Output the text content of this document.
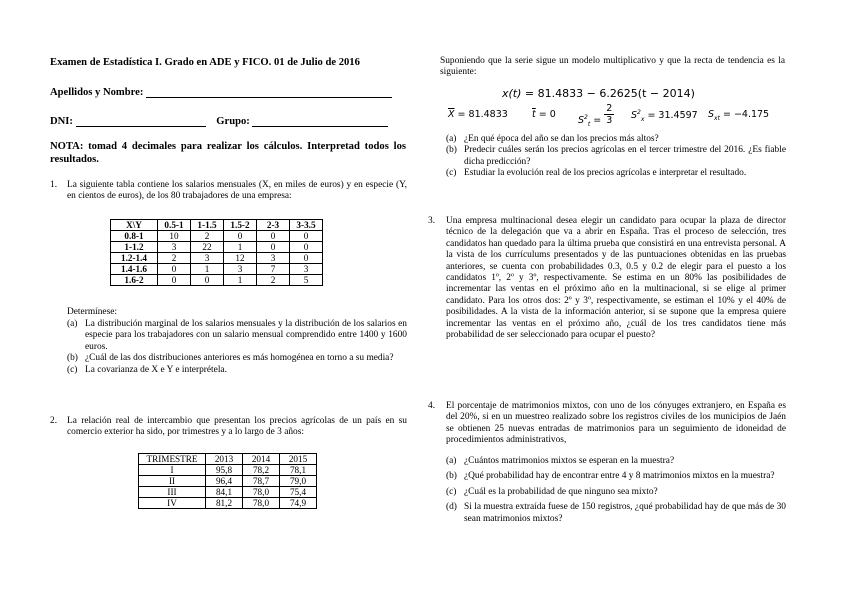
Examen de Estadística I. Grado en ADE y FICO. 01 de Julio de 2016
Apellidos y Nombre:
DNI:	Grupo:
NOTA: tomad 4 decimales para realizar los cálculos. Interpretad todos los resultados.
1. La siguiente tabla contiene los salarios mensuales (X, en miles de euros) y en especie (Y, en cientos de euros), de los 80 trabajadores de una empresa:
X\Y	0.5-1	1-1.5	1.5-2	2-3	3-3.5
0.8-1	10	2	0	0	0
1-1.2	3	22	1	0	0
1.2-1.4	2	3	12	3	0
1.4-1.6	0	1	3	7	3
1.6-2	0	0	1	2	5
Determínese:
(a) La distribución marginal de los salarios mensuales y la distribución de los salarios en especie para los trabajadores con un salario mensual comprendido entre 1400 y 1600 euros.
(b) ¿Cuál de las dos distribuciones anteriores es más homogénea en torno a su media?
(c) La covarianza de X e Y e interprétela.
2. La relación real de intercambio que presentan los precios agrícolas de un país en su comercio exterior ha sido, por trimestres y a lo largo de 3 años:
TRIMESTRE	2013	2014	2015
I	95,8	78,2	78,1
II	96,4	78,7	79,0
III	84,1	78,0	75,4
IV	81,2	78,0	74,9
Suponiendo que la serie sigue un modelo multiplicativo y que la recta de tendencia es la siguiente:
x(t) = 81.4833 − 6.2625(t − 2014)
$\overline{X} = 81.4833$	$\overline{t} = 0$
$S^2_t = \frac{2}{3} S^2_x = 31.4597$ $S_{xt} = -4.175$
(a) ¿En qué época del año se dan los precios más altos?
(b) Predecir cuáles serán los precios agrícolas en el tercer trimestre del 2016. ¿Es fiable dicha predicción?
(c) Estudiar la evolución real de los precios agrícolas e interpretar el resultado.
3. Una empresa multinacional desea elegir un candidato para ocupar la plaza de director técnico de la delegación que va a abrir en España. Tras el proceso de selección, tres candidatos han quedado para la última prueba que consistirá en una entrevista personal. A la vista de los currículums presentados y de las puntuaciones obtenidas en las pruebas anteriores, se cuenta con probabilidades 0.3, 0.5 y 0.2 de elegir para el puesto a los candidatos 1º, 2º y 3º, respectivamente. Se estima en un 80% las posibilidades de incrementar las ventas en el próximo año en la multinacional, si se elige al primer candidato. Para los otros dos: 2º y 3º, respectivamente, se estiman el 10% y el 40% de posibilidades. A la vista de la información anterior, si se supone que la empresa quiere incrementar las ventas en el próximo año, ¿cuál de los tres candidatos tiene más probabilidad de ser seleccionado para ocupar el puesto?
4. El porcentaje de matrimonios mixtos, con uno de los cónyuges extranjero, en España es del 20%, si en un muestreo realizado sobre los registros civiles de los municipios de Jaén se obtienen 25 nuevas entradas de matrimonios para un seguimiento de idoneidad de procedimientos administrativos,
(a) ¿Cuántos matrimonios mixtos se esperan en la muestra?
(b) ¿Qué probabilidad hay de encontrar entre 4 y 8 matrimonios mixtos en la muestra?
(c) ¿Cuál es la probabilidad de que ninguno sea mixto?
(d) Si la muestra extraída fuese de 150 registros, ¿qué probabilidad hay de que más de 30 sean matrimonios mixtos?
